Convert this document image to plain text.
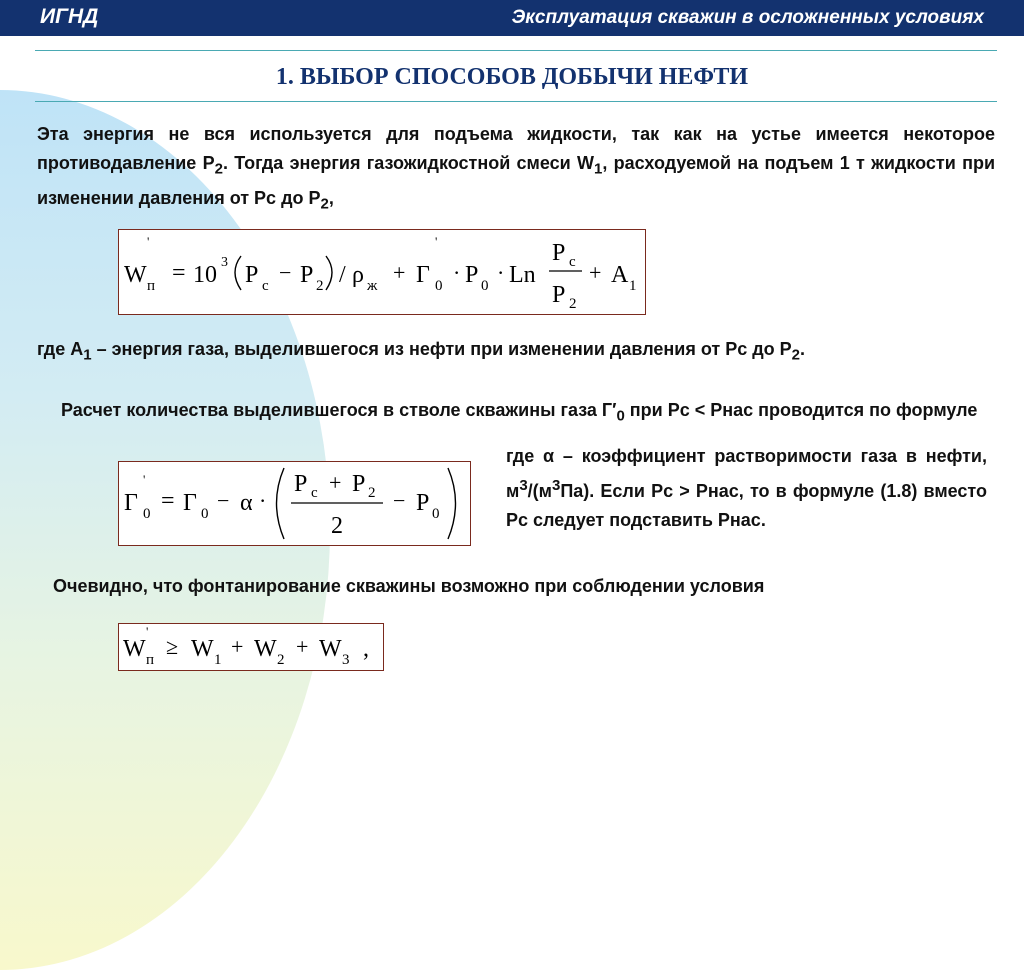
ИГНД	Эксплуатация скважин в осложненных условиях
1. ВЫБОР СПОСОБОВ ДОБЫЧИ НЕФТИ
Эта энергия не вся используется для подъема жидкости, так как на устье имеется некоторое противодавление $Р_2$. Тогда энергия газожидкостной смеси $W_1$, расходуемой на подъем 1 т жидкости при изменении давления от Рс до $Р_2$,
W
'
п = 10 3 P с
− P 2 / ρ ж
+ Г
'
0
· P 0
· Ln
P с
P 2
+ A 1
где $А_1$ – энергия газа, выделившегося из нефти при изменении давления от Рс до $Р_2$.
Расчет количества выделившегося в стволе скважины газа $Г'_0$ при Рс < Рнас проводится по формуле
Г
'
0 = Г 0
− α ·
P с + P 2
2
− P 0
где α – коэффициент растворимости газа в нефти, $м^3/(м^3Па)$. Если Рс > Рнас, то в формуле (1.8) вместо Рс следует подставить Рнас.
Очевидно, что фонтанирование скважины возможно при соблюдении условия
W
'
п
≥ W 1
+ W 2
+ W 3 ,
